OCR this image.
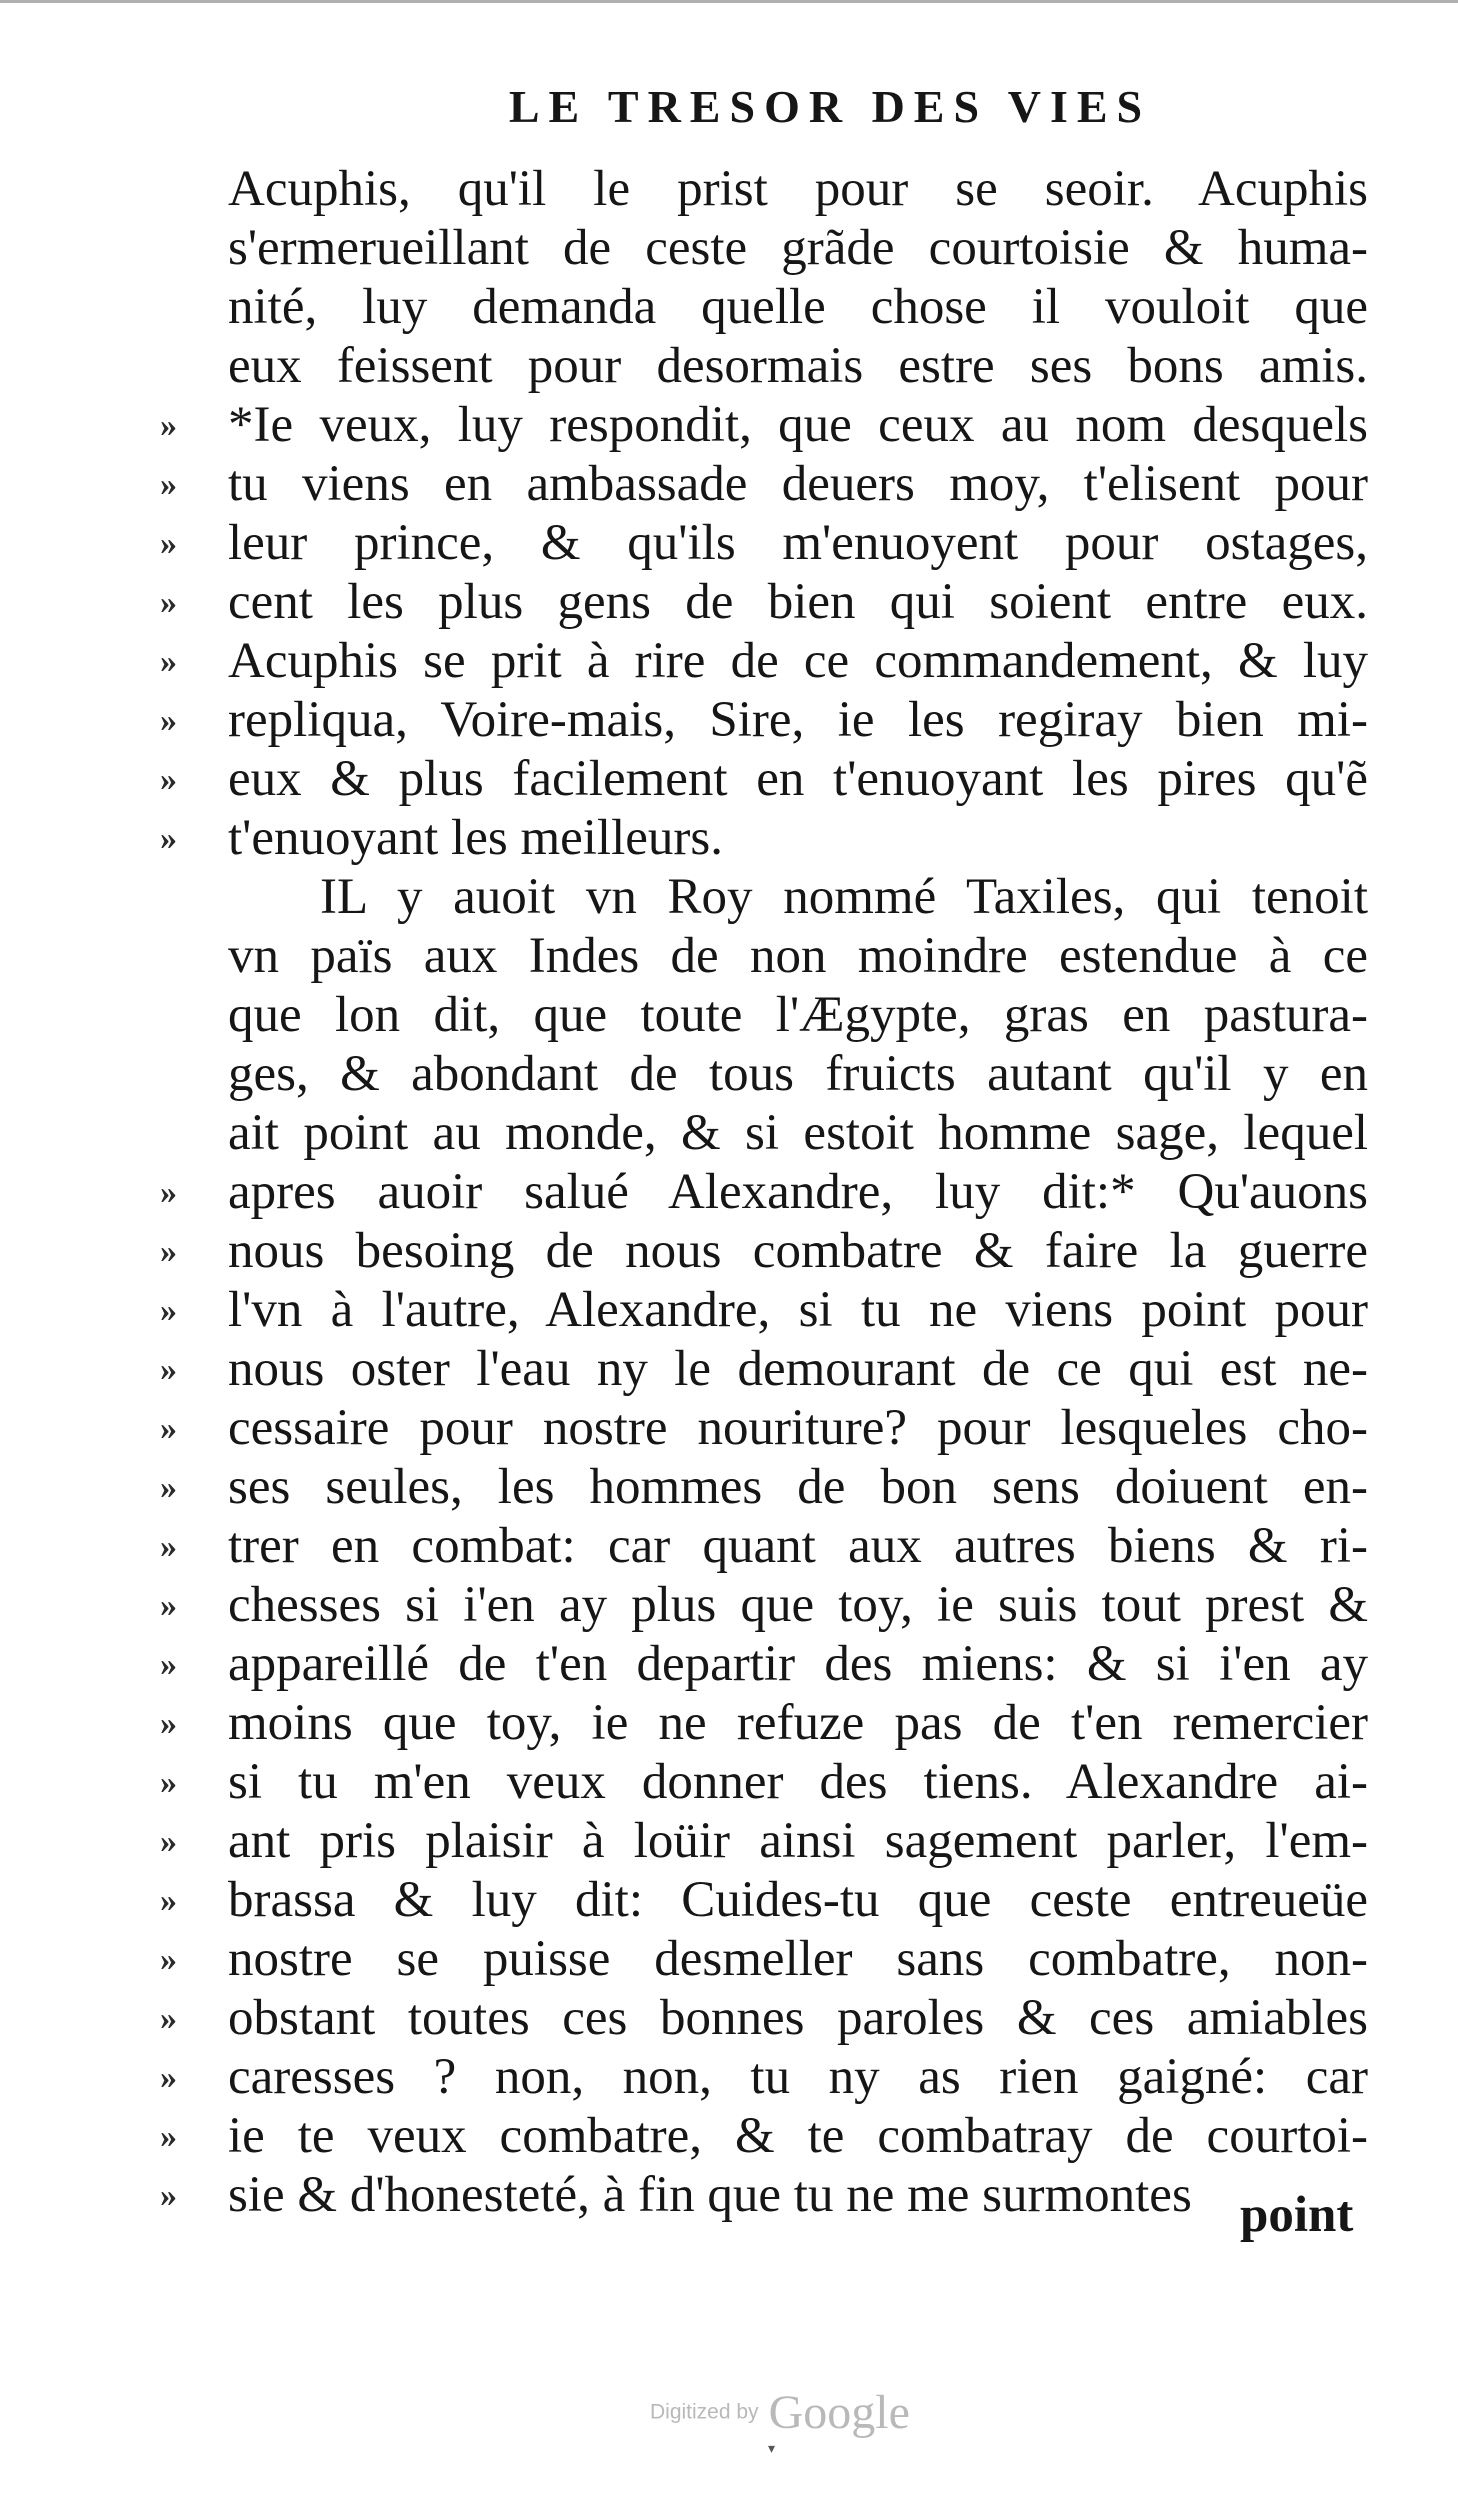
LE TRESOR DES VIES
Acuphis, qu'il le prist pour se seoir. Acuphis
s'ermerueillant de ceste grãde courtoisie & huma-
nité, luy demanda quelle chose il vouloit que
eux feissent pour desormais estre ses bons amis.
» *Ie veux, luy respondit, que ceux au nom desquels
» tu viens en ambassade deuers moy, t'elisent pour
» leur prince, & qu'ils m'enuoyent pour ostages,
» cent les plus gens de bien qui soient entre eux.
» Acuphis se prit à rire de ce commandement, & luy
» repliqua, Voire-mais, Sire, ie les regiray bien mi-
» eux & plus facilement en t'enuoyant les pires qu'ẽ
» t'enuoyant les meilleurs.
IL y auoit vn Roy nommé Taxiles, qui tenoit
vn païs aux Indes de non moindre estendue à ce
que lon dit, que toute l'Ægypte, gras en pastura-
ges, & abondant de tous fruicts autant qu'il y en
ait point au monde, & si estoit homme sage, lequel
» apres auoir salué Alexandre, luy dit:* Qu'auons
» nous besoing de nous combatre & faire la guerre
» l'vn à l'autre, Alexandre, si tu ne viens point pour
» nous oster l'eau ny le demourant de ce qui est ne-
» cessaire pour nostre nouriture? pour lesqueles cho-
» ses seules, les hommes de bon sens doiuent en-
» trer en combat: car quant aux autres biens & ri-
» chesses si i'en ay plus que toy, ie suis tout prest &
» appareillé de t'en departir des miens: & si i'en ay
» moins que toy, ie ne refuze pas de t'en remercier
» si tu m'en veux donner des tiens. Alexandre ai-
» ant pris plaisir à loüir ainsi sagement parler, l'em-
» brassa & luy dit: Cuides-tu que ceste entreueüe
» nostre se puisse desmeller sans combatre, non-
» obstant toutes ces bonnes paroles & ces amiables
» caresses ? non, non, tu ny as rien gaigné: car
» ie te veux combatre, & te combatray de courtoi-
» sie & d'honesteté, à fin que tu ne me surmontes point
Digitized by Google
▾
